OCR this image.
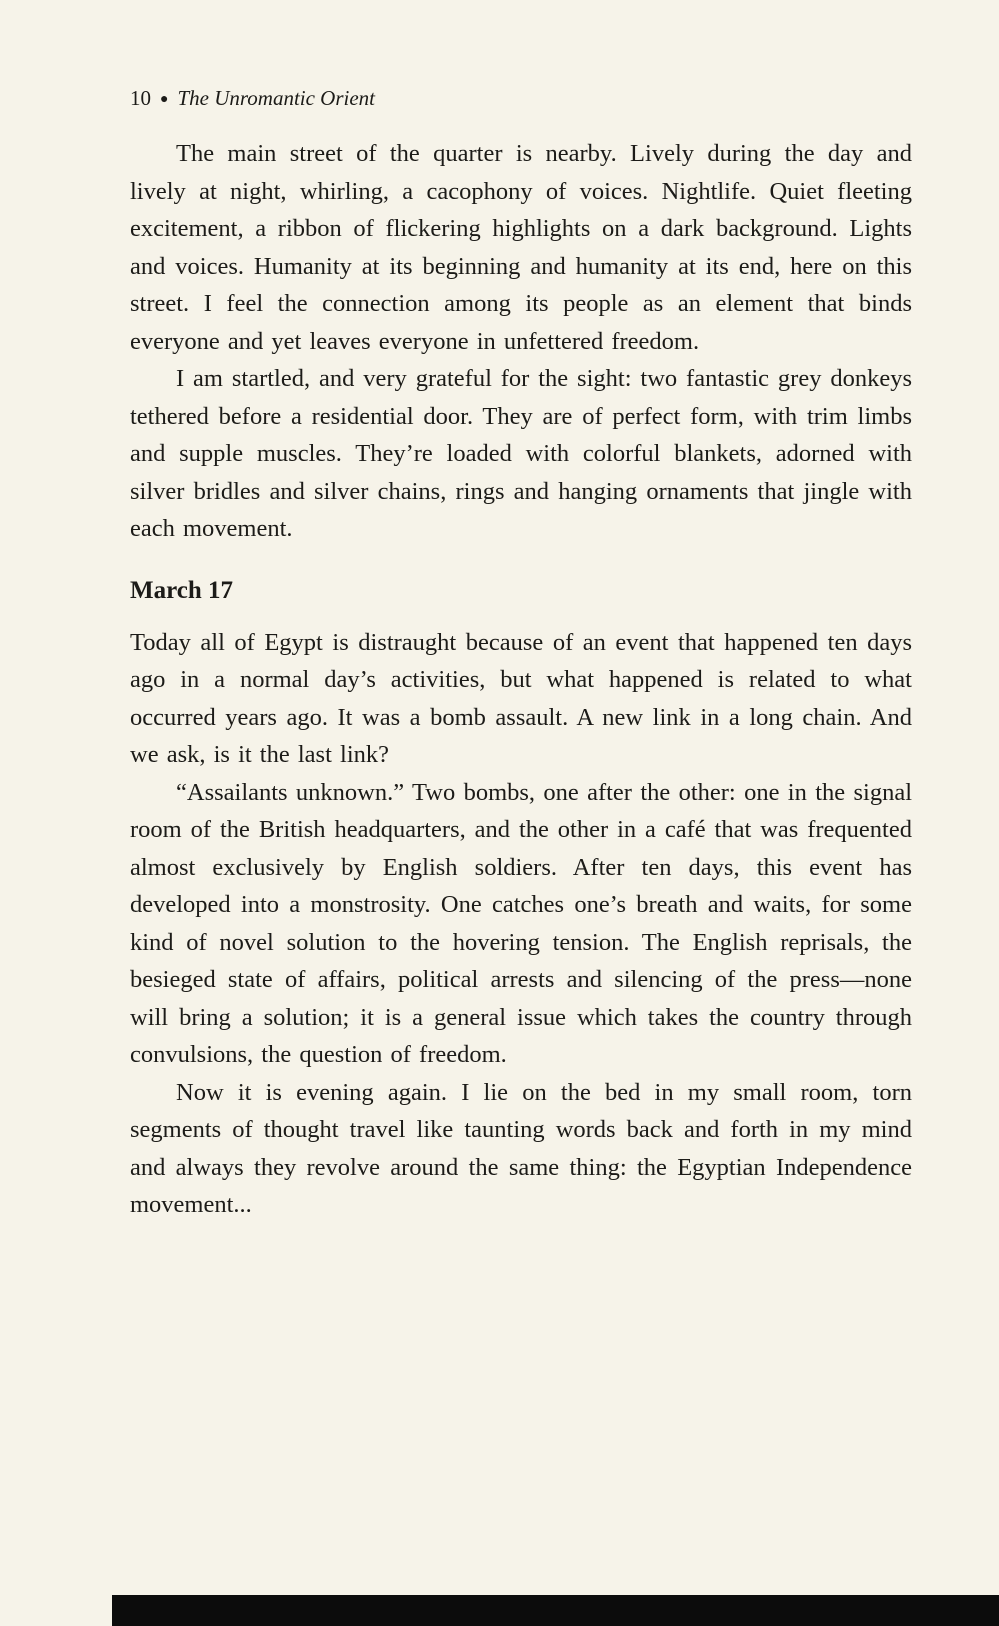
10 ● The Unromantic Orient

The main street of the quarter is nearby. Lively during the day and lively at night, whirling, a cacophony of voices. Nightlife. Quiet fleeting excitement, a ribbon of flickering highlights on a dark background. Lights and voices. Humanity at its beginning and humanity at its end, here on this street. I feel the connection among its people as an element that binds everyone and yet leaves everyone in unfettered freedom.

I am startled, and very grateful for the sight: two fantastic grey donkeys tethered before a residential door. They are of perfect form, with trim limbs and supple muscles. They’re loaded with colorful blankets, adorned with silver bridles and silver chains, rings and hanging ornaments that jingle with each movement.

March 17

Today all of Egypt is distraught because of an event that happened ten days ago in a normal day’s activities, but what happened is related to what occurred years ago. It was a bomb assault. A new link in a long chain. And we ask, is it the last link?

“Assailants unknown.” Two bombs, one after the other: one in the signal room of the British headquarters, and the other in a café that was frequented almost exclusively by English soldiers. After ten days, this event has developed into a monstrosity. One catches one’s breath and waits, for some kind of novel solution to the hovering tension. The English reprisals, the besieged state of affairs, political arrests and silencing of the press—none will bring a solution; it is a general issue which takes the country through convulsions, the question of freedom.

Now it is evening again. I lie on the bed in my small room, torn segments of thought travel like taunting words back and forth in my mind and always they revolve around the same thing: the Egyptian Independence movement...
